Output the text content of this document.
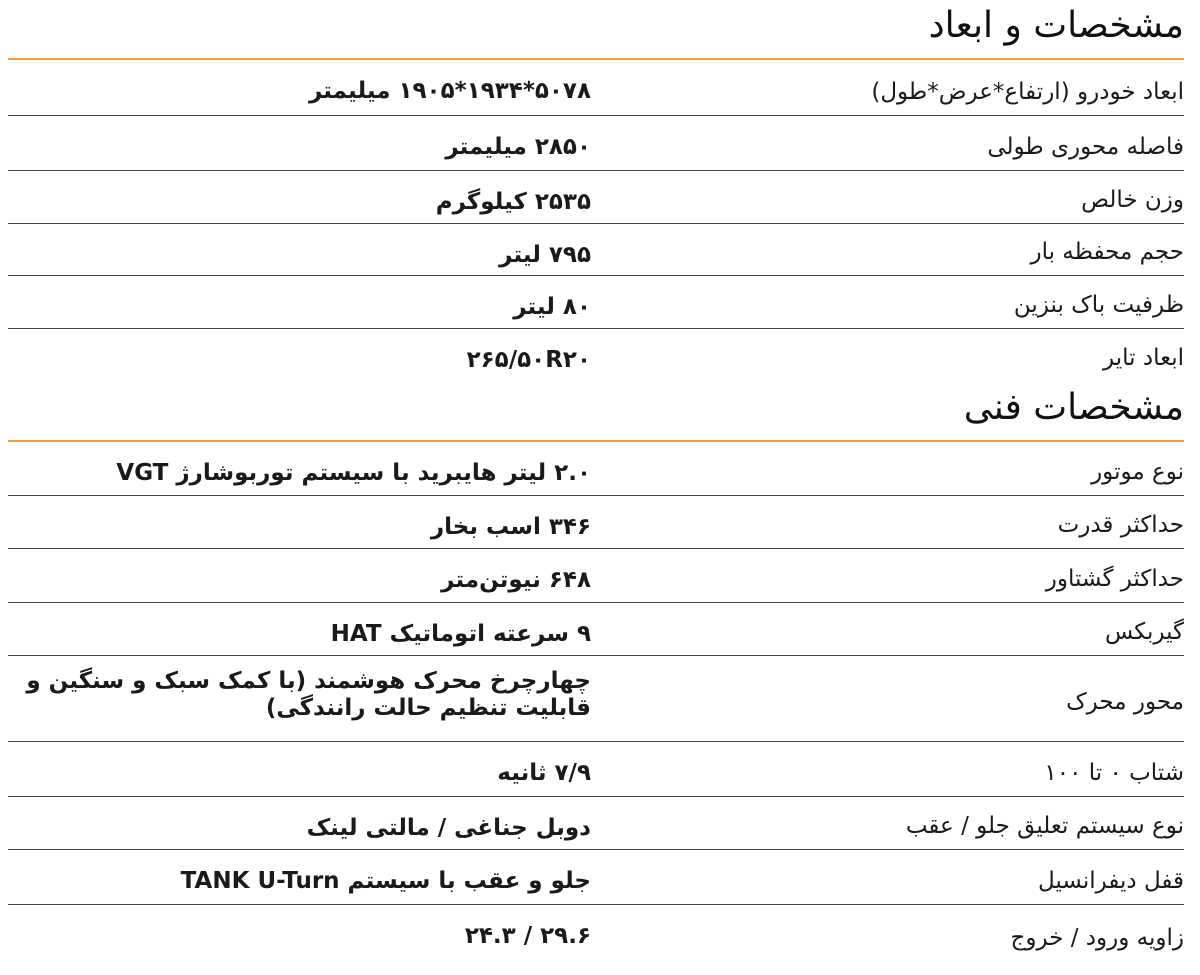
مشخصات و ابعاد
ابعاد خودرو (ارتفاع*عرض*طول)
۵۰۷۸*۱۹۳۴*۱۹۰۵ میلیمتر
فاصله محوری طولی
۲۸۵۰ میلیمتر
وزن خالص
۲۵۳۵ کیلوگرم
حجم محفظه بار
۷۹۵ لیتر
ظرفیت باک بنزین
۸۰ لیتر
ابعاد تایر
۲۶۵/۵۰R۲۰
مشخصات فنی
نوع موتور
۲.۰ لیتر هایبرید با سیستم توربوشارژ VGT
حداکثر قدرت
۳۴۶ اسب بخار
حداکثر گشتاور
۶۴۸ نیوتن‌متر
گیربکس
۹ سرعته اتوماتیک HAT
محور محرک
چهارچرخ محرک هوشمند (با کمک سبک و سنگین و قابلیت تنظیم حالت رانندگی)
شتاب ۰ تا ۱۰۰
۷/۹ ثانیه
نوع سیستم تعلیق جلو / عقب
دوبل جناغی / مالتی لینک
قفل دیفرانسیل
جلو و عقب با سیستم TANK U-Turn
زاویه ورود / خروج
۲۹.۶ / ۲۴.۳
